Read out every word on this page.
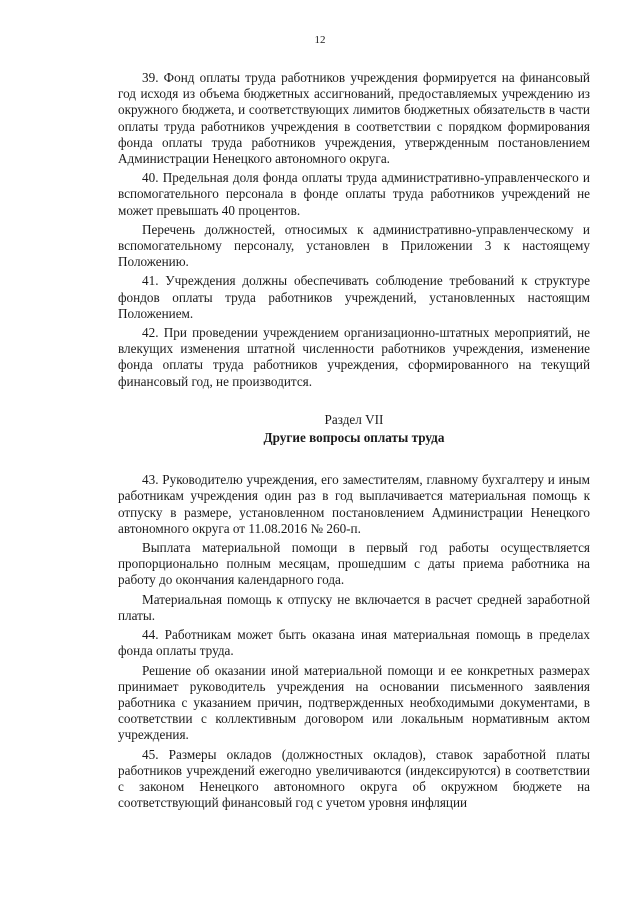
12

39. Фонд оплаты труда работников учреждения формируется на финансовый год исходя из объема бюджетных ассигнований, предоставляемых учреждению из окружного бюджета, и соответствующих лимитов бюджетных обязательств в части оплаты труда работников учреждения в соответствии с порядком формирования фонда оплаты труда работников учреждения, утвержденным постановлением Администрации Ненецкого автономного округа.

40. Предельная доля фонда оплаты труда административно-управленческого и вспомогательного персонала в фонде оплаты труда работников учреждений не может превышать 40 процентов.

Перечень должностей, относимых к административно-управленческому и вспомогательному персоналу, установлен в Приложении 3 к настоящему Положению.

41. Учреждения должны обеспечивать соблюдение требований к структуре фондов оплаты труда работников учреждений, установленных настоящим Положением.

42. При проведении учреждением организационно-штатных мероприятий, не влекущих изменения штатной численности работников учреждения, изменение фонда оплаты труда работников учреждения, сформированного на текущий финансовый год, не производится.

Раздел VII
Другие вопросы оплаты труда

43. Руководителю учреждения, его заместителям, главному бухгалтеру и иным работникам учреждения один раз в год выплачивается материальная помощь к отпуску в размере, установленном постановлением Администрации Ненецкого автономного округа от 11.08.2016 № 260-п.

Выплата материальной помощи в первый год работы осуществляется пропорционально полным месяцам, прошедшим с даты приема работника на работу до окончания календарного года.

Материальная помощь к отпуску не включается в расчет средней заработной платы.

44. Работникам может быть оказана иная материальная помощь в пределах фонда оплаты труда.

Решение об оказании иной материальной помощи и ее конкретных размерах принимает руководитель учреждения на основании письменного заявления работника с указанием причин, подтвержденных необходимыми документами, в соответствии с коллективным договором или локальным нормативным актом учреждения.

45. Размеры окладов (должностных окладов), ставок заработной платы работников учреждений ежегодно увеличиваются (индексируются) в соответствии с законом Ненецкого автономного округа об окружном бюджете на соответствующий финансовый год с учетом уровня инфляции
